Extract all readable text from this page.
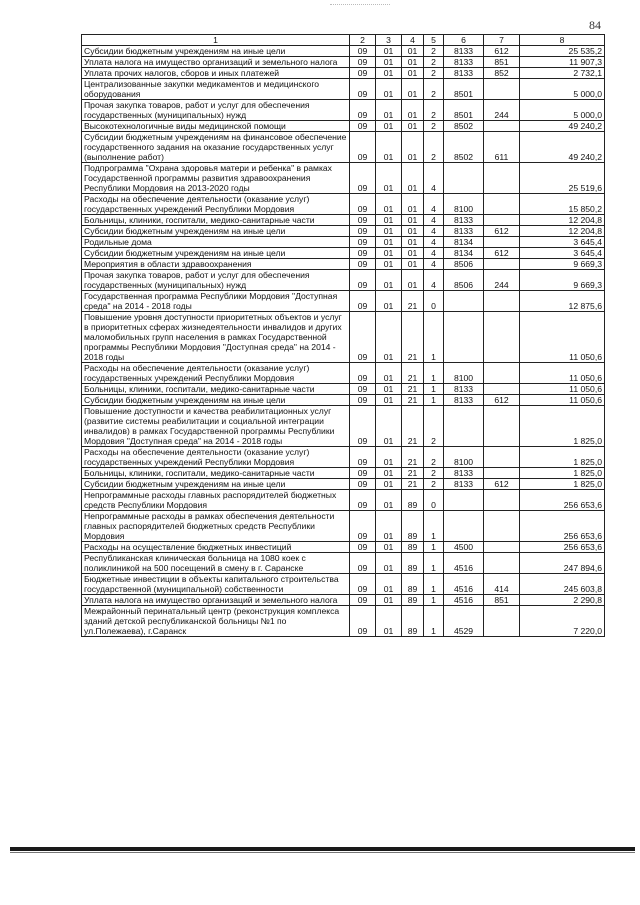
84
1	2	3	4	5	6	7	8
Субсидии бюджетным учреждениям на иные цели	09	01	01	2	8133	612	25 535,2
Уплата налога на имущество организаций и земельного налога	09	01	01	2	8133	851	11 907,3
Уплата прочих налогов, сборов и иных платежей	09	01	01	2	8133	852	2 732,1
Централизованные закупки медикаментов и медицинского оборудования	09	01	01	2	8501		5 000,0
Прочая закупка товаров, работ и услуг для обеспечения государственных (муниципальных) нужд	09	01	01	2	8501	244	5 000,0
Высокотехнологичные виды медицинской помощи	09	01	01	2	8502		49 240,2
Субсидии бюджетным учреждениям на финансовое обеспечение государственного задания на оказание государственных услуг (выполнение работ)	09	01	01	2	8502	611	49 240,2
Подпрограмма "Охрана здоровья матери и ребенка" в рамках Государственной программы развития здравоохранения Республики Мордовия на 2013-2020 годы	09	01	01	4			25 519,6
Расходы на обеспечение деятельности (оказание услуг) государственных учреждений Республики Мордовия	09	01	01	4	8100		15 850,2
Больницы, клиники, госпитали, медико-санитарные части	09	01	01	4	8133		12 204,8
Субсидии бюджетным учреждениям на иные цели	09	01	01	4	8133	612	12 204,8
Родильные дома	09	01	01	4	8134		3 645,4
Субсидии бюджетным учреждениям на иные цели	09	01	01	4	8134	612	3 645,4
Мероприятия в области здравоохранения	09	01	01	4	8506		9 669,3
Прочая закупка товаров, работ и услуг для обеспечения государственных (муниципальных) нужд	09	01	01	4	8506	244	9 669,3
Государственная программа Республики Мордовия "Доступная среда" на 2014 - 2018 годы	09	01	21	0			12 875,6
Повышение уровня доступности приоритетных объектов и услуг в приоритетных сферах жизнедеятельности инвалидов и других маломобильных групп населения в рамках Государственной программы Республики Мордовия "Доступная среда" на 2014 - 2018 годы	09	01	21	1			11 050,6
Расходы на обеспечение деятельности (оказание услуг) государственных учреждений Республики Мордовия	09	01	21	1	8100		11 050,6
Больницы, клиники, госпитали, медико-санитарные части	09	01	21	1	8133		11 050,6
Субсидии бюджетным учреждениям на иные цели	09	01	21	1	8133	612	11 050,6
Повышение доступности и качества реабилитационных услуг (развитие системы реабилитации и социальной интеграции инвалидов) в рамках Государственной программы Республики Мордовия "Доступная среда" на 2014 - 2018 годы	09	01	21	2			1 825,0
Расходы на обеспечение деятельности (оказание услуг) государственных учреждений Республики Мордовия	09	01	21	2	8100		1 825,0
Больницы, клиники, госпитали, медико-санитарные части	09	01	21	2	8133		1 825,0
Субсидии бюджетным учреждениям на иные цели	09	01	21	2	8133	612	1 825,0
Непрограммные расходы главных распорядителей бюджетных средств Республики Мордовия	09	01	89	0			256 653,6
Непрограммные расходы в рамках обеспечения деятельности главных распорядителей бюджетных средств Республики Мордовия	09	01	89	1			256 653,6
Расходы на осуществление бюджетных инвестиций	09	01	89	1	4500		256 653,6
Республиканская клиническая больница на 1080 коек с поликлиникой на 500 посещений в смену в г. Саранске	09	01	89	1	4516		247 894,6
Бюджетные инвестиции в объекты капитального строительства государственной (муниципальной) собственности	09	01	89	1	4516	414	245 603,8
Уплата налога на имущество организаций и земельного налога	09	01	89	1	4516	851	2 290,8
Межрайонный перинатальный центр (реконструкция комплекса зданий детской республиканской больницы №1 по ул.Полежаева), г.Саранск	09	01	89	1	4529		7 220,0
